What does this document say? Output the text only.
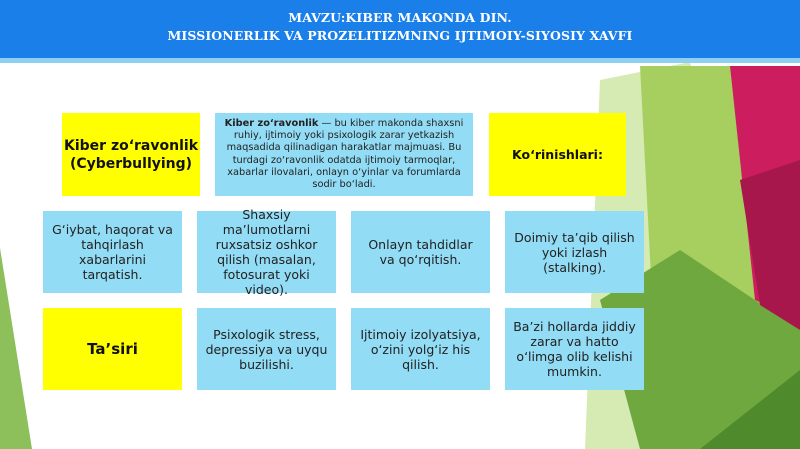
MAVZU:KIBER MAKONDA DIN.
MISSIONERLIK VA PROZELITIZMNING IJTIMOIY-SIYOSIY XAVFI
Kiber zo‘ravonlik
(Cyberbullying)
Kiber zo‘ravonlik — bu kiber makonda shaxsni ruhiy, ijtimoiy yoki psixologik zarar yetkazish maqsadida qilinadigan harakatlar majmuasi. Bu turdagi zo‘ravonlik odatda ijtimoiy tarmoqlar, xabarlar ilovalari, onlayn o‘yinlar va forumlarda sodir bo‘ladi.
Ko‘rinishlari:
G‘iybat, haqorat va tahqirlash xabarlarini tarqatish.
Shaxsiy ma’lumotlarni ruxsatsiz oshkor qilish (masalan, fotosurat yoki video).
Onlayn tahdidlar va qo‘rqitish.
Doimiy ta’qib qilish yoki izlash (stalking).
Ta’siri
Psixologik stress, depressiya va uyqu buzilishi.
Ijtimoiy izolyatsiya, o‘zini yolg‘iz his qilish.
Ba’zi hollarda jiddiy zarar va hatto o‘limga olib kelishi mumkin.
